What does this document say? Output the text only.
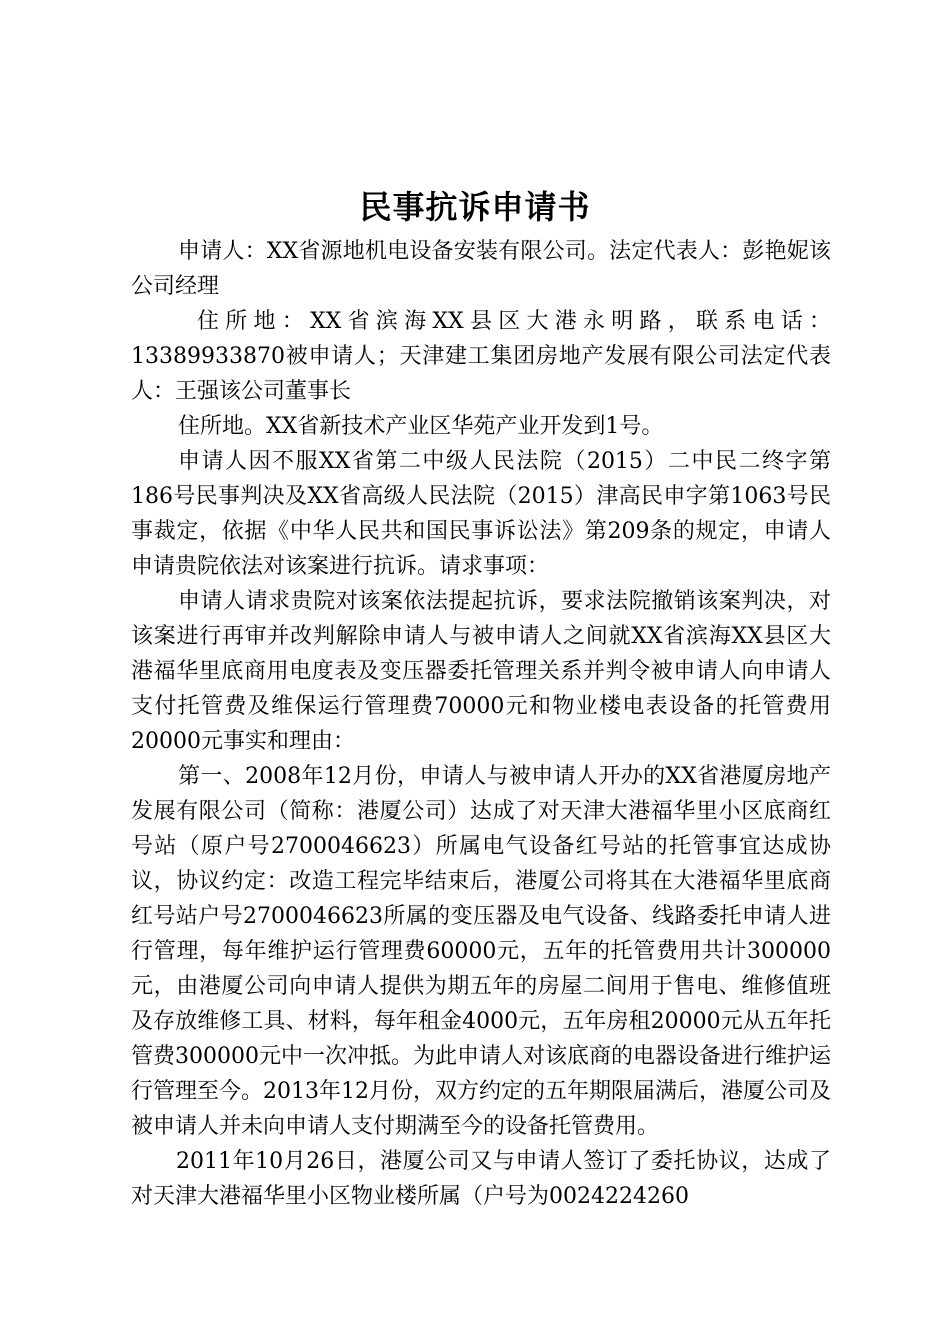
民事抗诉申请书

申请人：XX省源地机电设备安装有限公司。法定代表人：彭艳妮该公司经理

住所地：XX省滨海XX县区大港永明路，联系电话：13389933870被申请人；天津建工集团房地产发展有限公司法定代表人：王强该公司董事长

住所地。XX省新技术产业区华苑产业开发到1号。

申请人因不服XX省第二中级人民法院（2015）二中民二终字第186号民事判决及XX省高级人民法院（2015）津高民申字第1063号民事裁定，依据《中华人民共和国民事诉讼法》第209条的规定，申请人申请贵院依法对该案进行抗诉。请求事项：

申请人请求贵院对该案依法提起抗诉，要求法院撤销该案判决，对该案进行再审并改判解除申请人与被申请人之间就XX省滨海XX县区大港福华里底商用电度表及变压器委托管理关系并判令被申请人向申请人支付托管费及维保运行管理费70000元和物业楼电表设备的托管费用20000元事实和理由：

第一、2008年12月份，申请人与被申请人开办的XX省港厦房地产发展有限公司（简称：港厦公司）达成了对天津大港福华里小区底商红号站（原户号2700046623）所属电气设备红号站的托管事宜达成协议，协议约定：改造工程完毕结束后，港厦公司将其在大港福华里底商红号站户号2700046623所属的变压器及电气设备、线路委托申请人进行管理，每年维护运行管理费60000元，五年的托管费用共计300000元，由港厦公司向申请人提供为期五年的房屋二间用于售电、维修值班及存放维修工具、材料，每年租金4000元，五年房租20000元从五年托管费300000元中一次冲抵。为此申请人对该底商的电器设备进行维护运行管理至今。2013年12月份，双方约定的五年期限届满后，港厦公司及被申请人并未向申请人支付期满至今的设备托管费用。

2011年10月26日，港厦公司又与申请人签订了委托协议，达成了对天津大港福华里小区物业楼所属（户号为0024224260
